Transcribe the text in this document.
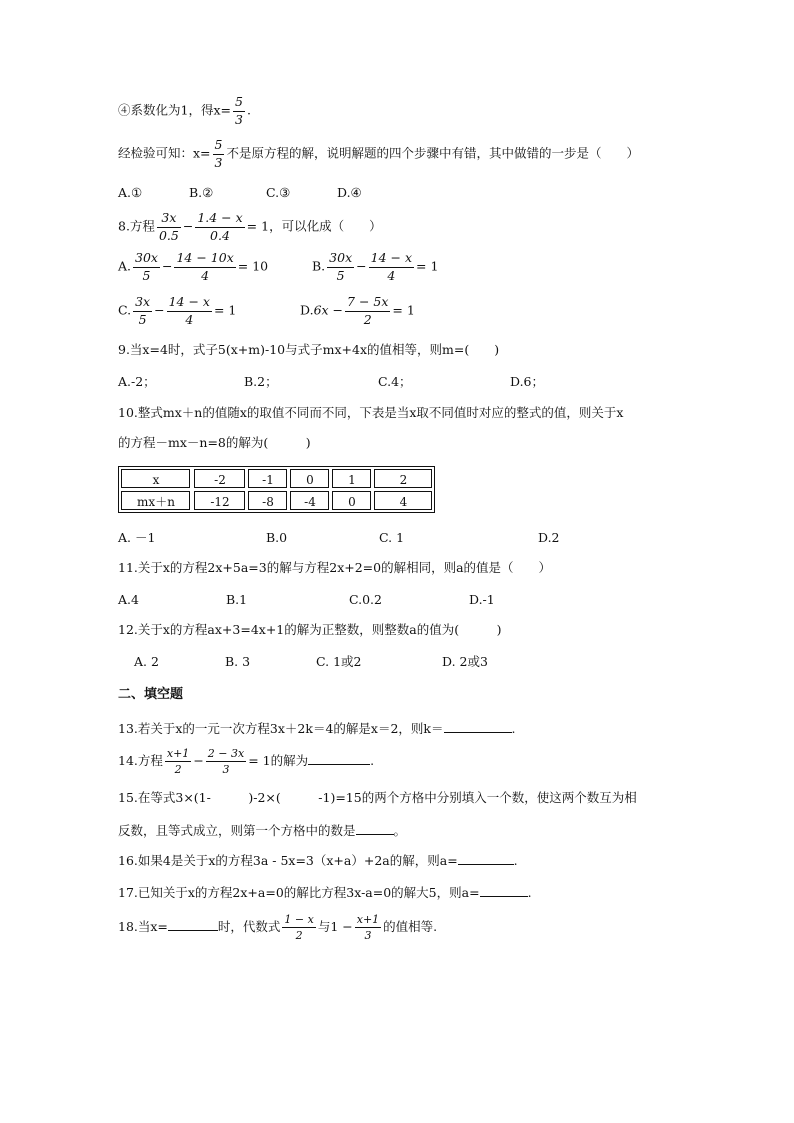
④系数化为1，得$x= \frac{5}{3}$ .
经检验可知：$x= \frac{5}{3}$ 不是原方程的解，说明解题的四个步骤中有错，其中做错的一步是（　　）
A.①	B.②	C.③	D.④
8.方程 $\frac{3x}{0.5} - \frac{1.4 - x}{0.4} = 1$，可以化成（　　）
A. $\frac{30x}{5} - \frac{14 - 10x}{4} = 10$	B. $\frac{30x}{5} - \frac{14 - x}{4} = 1$
C. $\frac{3x}{5} - \frac{14 - x}{4} = 1$	$D.6x - \frac{7 - 5x}{2} = 1$
9.当x=4时，式子5(x+m)-10与式子mx+4x的值相等，则m=(　　)
A.-2；	B.2；	C.4；	D.6；
10.整式mx＋n的值随x的取值不同而不同，下表是当x取不同值时对应的整式的值，则关于x
的方程－mx－n=8的解为(　　　)
x	-2	-1	0	1	2
mx＋n	-12	-8	-4	0	4
A. －1	B.0	C. 1	D.2
11.关于x的方程2x+5a=3的解与方程2x+2=0的解相同，则a的值是（　　）
A.4	B.1	C.0.2	D.-1
12.关于x的方程ax+3=4x+1的解为正整数，则整数a的值为(　　　)
A. 2	B. 3	C. 1或2	D. 2或3
二、填空题
13.若关于x的一元一次方程3x＋2k＝4的解是x＝2，则k＝	.
14.方程 $\frac{x+1}{2} - \frac{2 - 3x}{3} = 1$的解为	.
15.在等式3×(1-　　　)-2×(　　　-1)=15的两个方格中分别填入一个数，使这两个数互为相
反数，且等式成立，则第一个方格中的数是	。
16.如果4是关于x的方程3a - 5x=3（x+a）+2a的解，则a=	.
17.已知关于x的方程2x+a=0的解比方程3x-a=0的解大5，则a=	.
18.当x=	时，代数式 $\frac{1 - x}{2}$ 与$1 - \frac{x+1}{3}$ 的值相等.
